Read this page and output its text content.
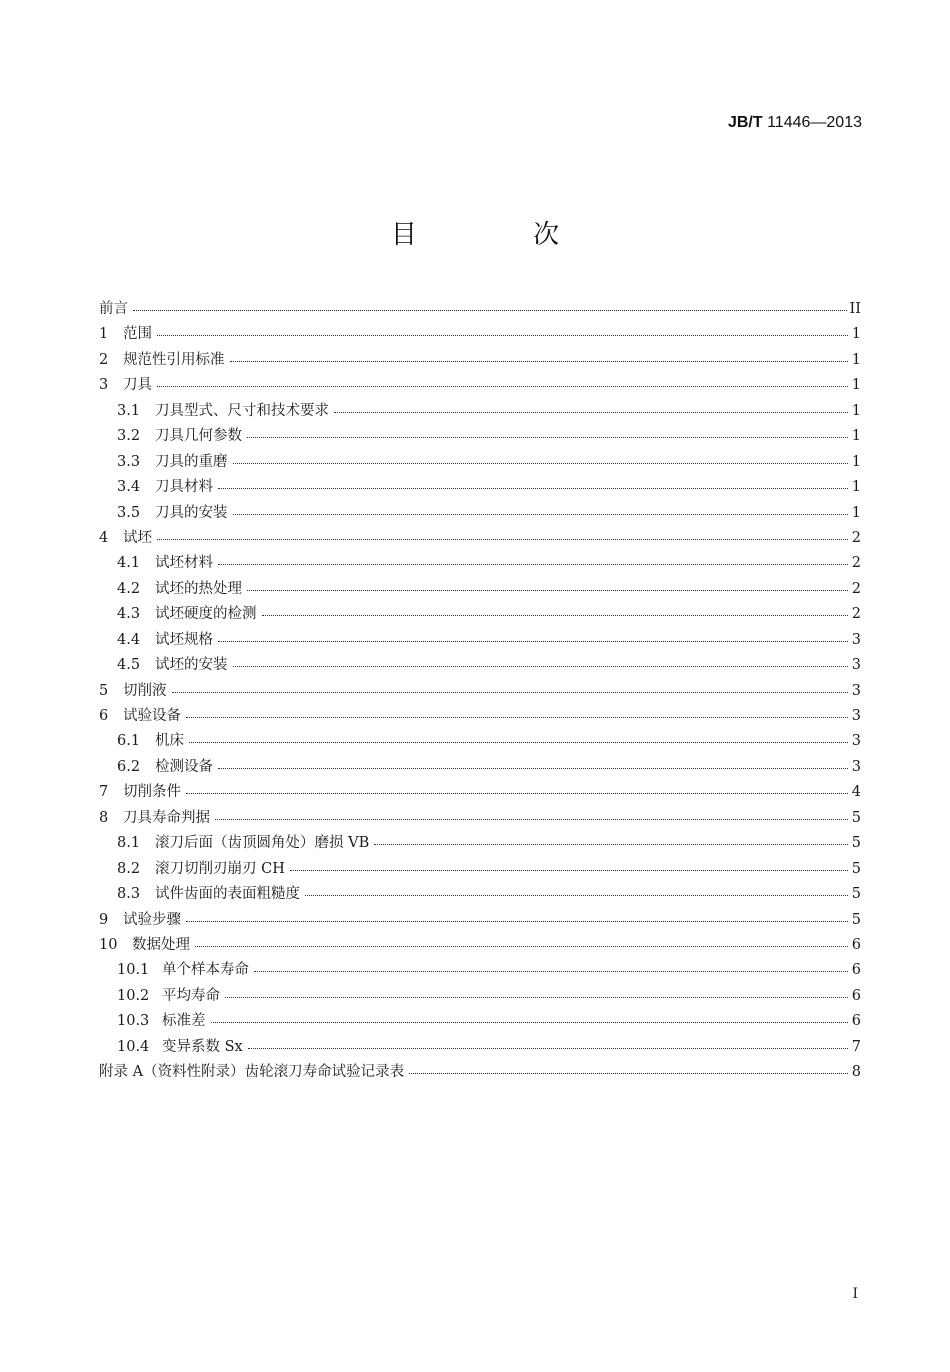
JB/T 11446—2013
目 次
前言	II
1	范围	1
2	规范性引用标准	1
3	刀具	1
3.1	刀具型式、尺寸和技术要求	1
3.2	刀具几何参数	1
3.3	刀具的重磨	1
3.4	刀具材料	1
3.5	刀具的安装	1
4	试坯	2
4.1	试坯材料	2
4.2	试坯的热处理	2
4.3	试坯硬度的检测	2
4.4	试坯规格	3
4.5	试坯的安装	3
5	切削液	3
6	试验设备	3
6.1	机床	3
6.2	检测设备	3
7	切削条件	4
8	刀具寿命判据	5
8.1	滚刀后面（齿顶圆角处）磨损 VB	5
8.2	滚刀切削刃崩刃 CH	5
8.3	试件齿面的表面粗糙度	5
9	试验步骤	5
10	数据处理	6
10.1 单个样本寿命	6
10.2 平均寿命	6
10.3 标准差	6
10.4 变异系数 Sx	7
附录 A（资料性附录）齿轮滚刀寿命试验记录表	8
I
